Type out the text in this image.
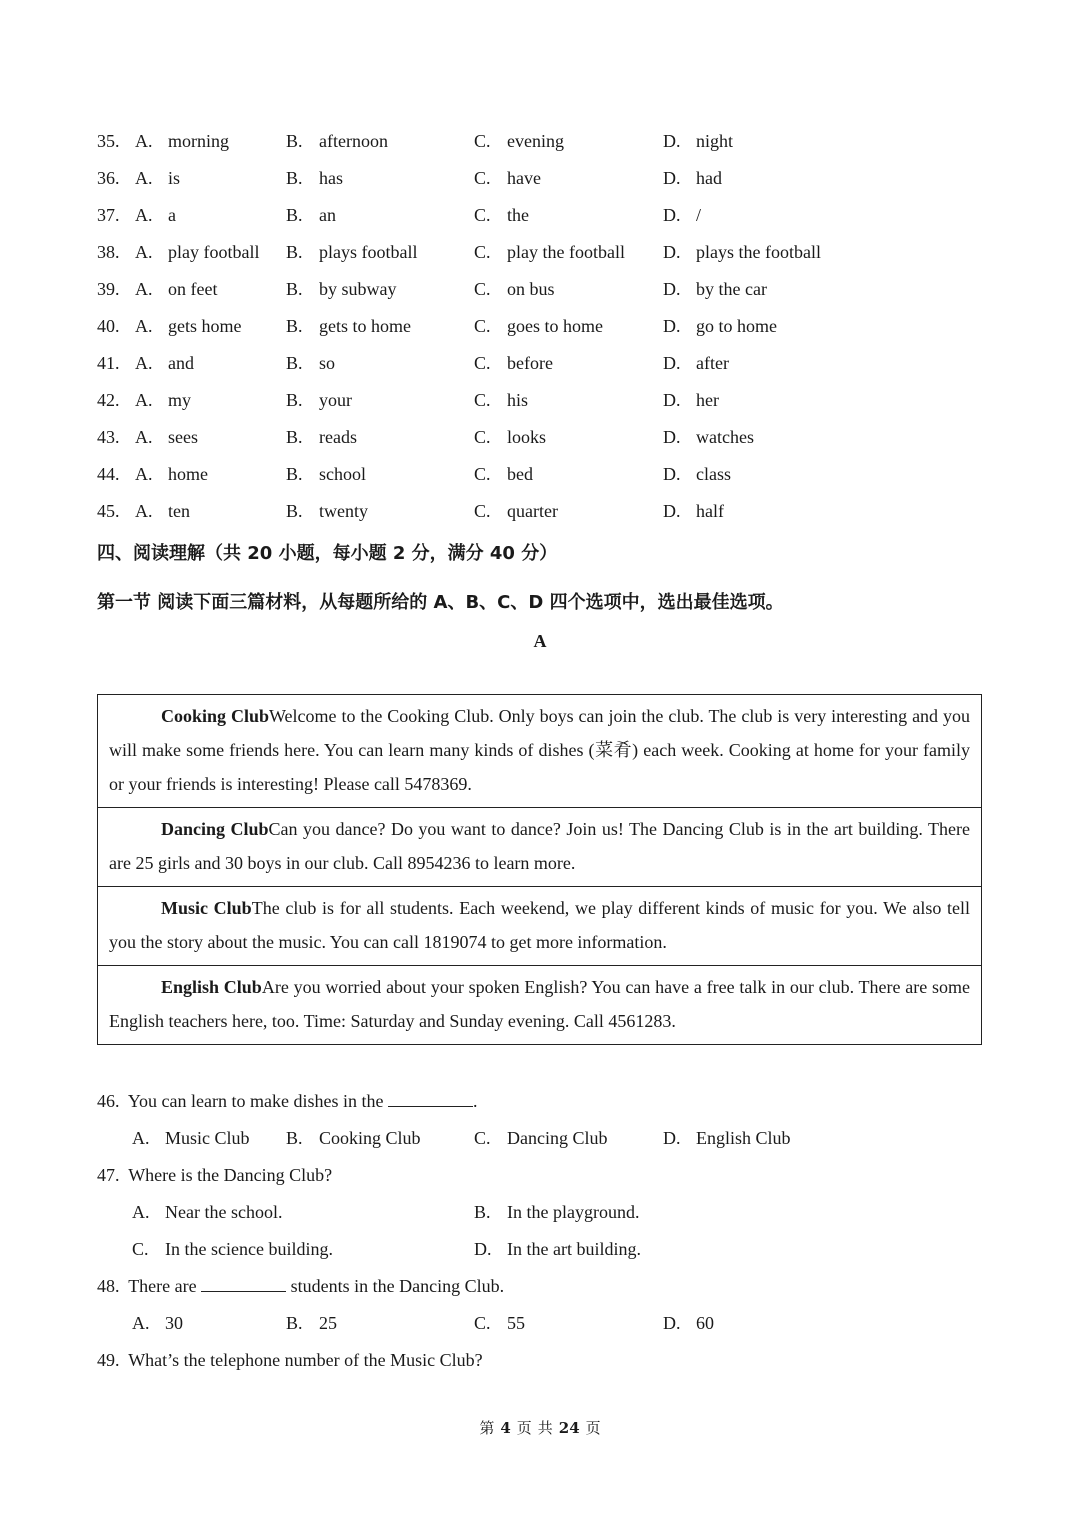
35. A. morning	B. afternoon	C. evening	D. night
36. A. is	B. has	C. have	D. had
37. A. a	B. an	C. the	D. /
38. A. play football B. plays football	C. play the football D. plays the football
39. A. on feet	B. by subway	C. on bus	D. by the car
40. A. gets home B. gets to home	C. goes to home	D. go to home
41. A. and	B. so	C. before	D. after
42. A. my	B. your	C. his	D. her
43. A. sees	B. reads	C. looks	D. watches
44. A. home	B. school	C. bed	D. class
45. A. ten	B. twenty	C. quarter	D. half
四、阅读理解（共 20 小题，每小题 2 分，满分 40 分）
第一节 阅读下面三篇材料，从每题所给的 A、B、C、D 四个选项中，选出最佳选项。
A
Cooking ClubWelcome to the Cooking Club. Only boys can join the club. The club is very interesting and you will make some friends here. You can learn many kinds of dishes (菜肴) each week. Cooking at home for your family or your friends is interesting! Please call 5478369.
Dancing ClubCan you dance? Do you want to dance? Join us! The Dancing Club is in the art building. There are 25 girls and 30 boys in our club. Call 8954236 to learn more.
Music ClubThe club is for all students. Each weekend, we play different kinds of music for you. We also tell you the story about the music. You can call 1819074 to get more information.
English ClubAre you worried about your spoken English? You can have a free talk in our club. There are some English teachers here, too. Time: Saturday and Sunday evening. Call 4561283.
46. You can learn to make dishes in the	.
A. Music Club B. Cooking Club	C. Dancing Club	D. English Club
47. Where is the Dancing Club?
A. Near the school.	B. In the playground.
C. In the science building.	D. In the art building.
48. There are	students in the Dancing Club.
A. 30	B. 25	C. 55	D. 60
49. What’s the telephone number of the Music Club?
第 4 页 共 24 页
